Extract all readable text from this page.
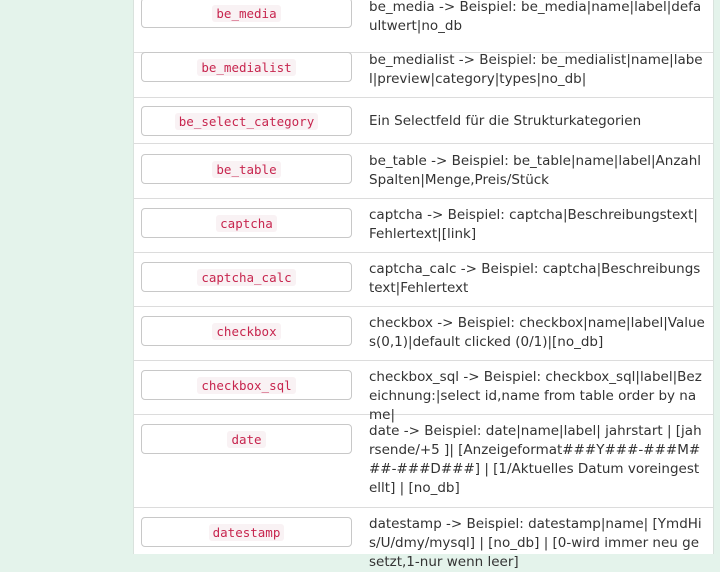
be_media	be_media -> Beispiel: be_media|name|label|defaultwert|no_db
be_medialist	be_medialist -> Beispiel: be_medialist|name|label|preview|category|types|no_db|
be_select_category	Ein Selectfeld für die Strukturkategorien
be_table	be_table -> Beispiel: be_table|name|label|Anzahl Spalten|Menge,Preis/Stück
captcha	captcha -> Beispiel: captcha|Beschreibungstext|Fehlertext|[link]
captcha_calc	captcha_calc -> Beispiel: captcha|Beschreibungstext|Fehlertext
checkbox	checkbox -> Beispiel: checkbox|name|label|Values(0,1)|default clicked (0/1)|[no_db]
checkbox_sql	checkbox_sql -> Beispiel: checkbox_sql|label|Bezeichnung:|select id,name from table order by name|
date	date -> Beispiel: date|name|label| jahrstart | [jahrsende/+5 ]| [Anzeigeformat###Y###-###M###-###D###] | [1/Aktuelles Datum voreingestellt] | [no_db]
datestamp	datestamp -> Beispiel: datestamp|name| [YmdHis/U/dmy/mysql] | [no_db] | [0-wird immer neu gesetzt,1-nur wenn leer]
